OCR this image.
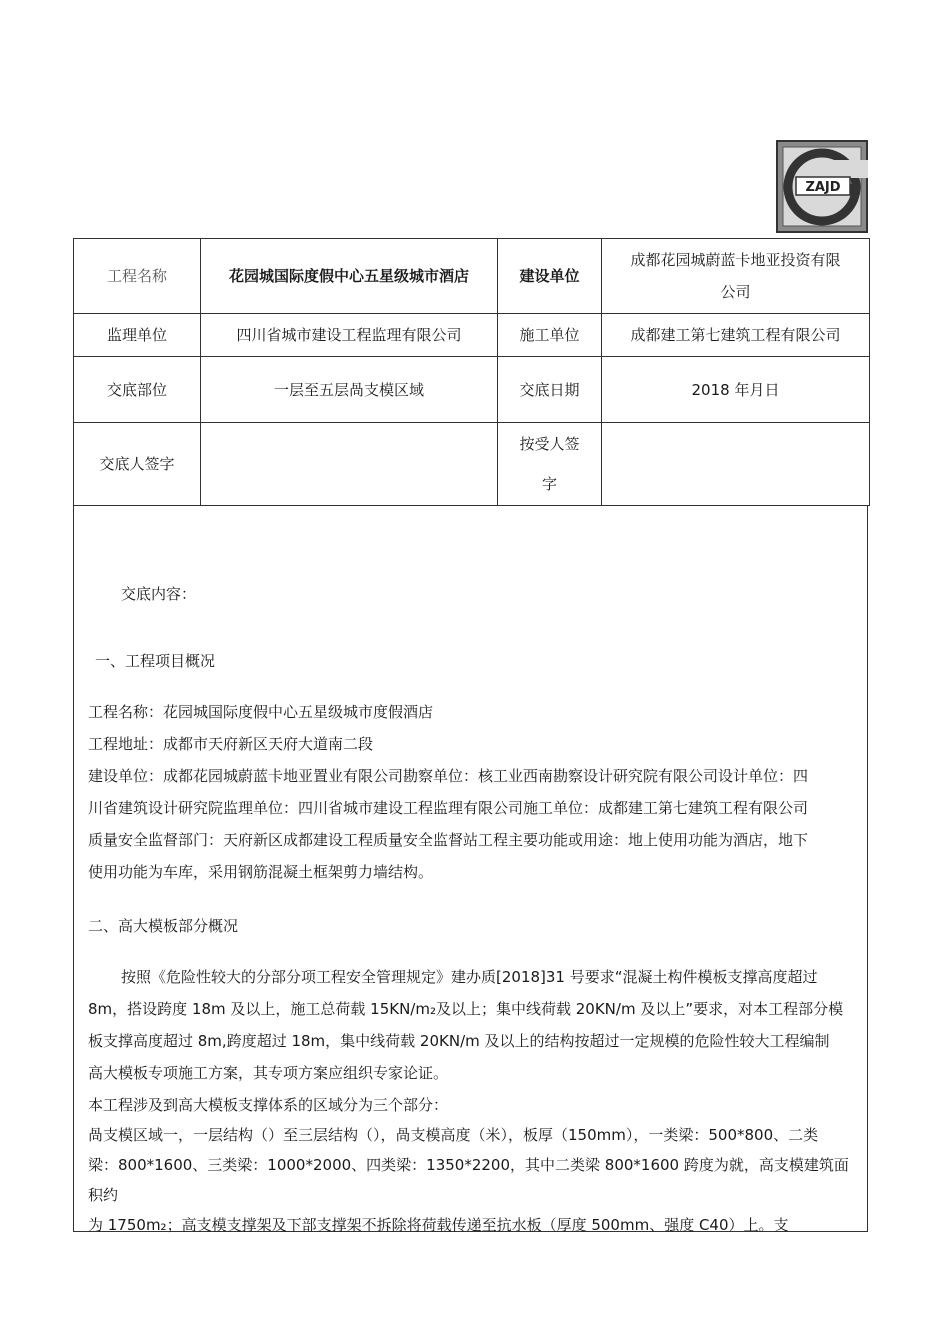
ZAJD
工程名称	花园城国际度假中心五星级城市酒店	建设单位	成都花园城蔚蓝卡地亚投资有限
公司

监理单位	四川省城市建设工程监理有限公司	施工单位	成都建工第七建筑工程有限公司
交底部位	一层至五层咼支模区域	交底日期	2018 年月日
交底人签字		按受人签
字	

交底内容：
一、工程项目概况

工程名称：花园城国际度假中心五星级城市度假酒店

工程地址：成都市天府新区天府大道南二段

建设单位：成都花园城蔚蓝卡地亚置业有限公司勘察单位：核工业西南勘察设计研究院有限公司设计单位：四

川省建筑设计研究院监理单位：四川省城市建设工程监理有限公司施工单位：成都建工第七建筑工程有限公司

质量安全监督部门：天府新区成都建设工程质量安全监督站工程主要功能或用途：地上使用功能为酒店，地下

使用功能为车库，采用钢筋混凝土框架剪力墙结构。

二、高大模板部分概况

按照《危险性较大的分部分项工程安全管理规定》建办质[2018]31 号要求“混凝土构件模板支撑高度超过

8m，搭设跨度 18m 及以上，施工总荷载 15KN/m₂及以上；集中线荷载 20KN/m 及以上”要求，对本工程部分模

板支撑高度超过 8m,跨度超过 18m，集中线荷载 20KN/m 及以上的结构按超过一定规模的危险性较大工程编制

高大模板专项施工方案，其专项方案应组织专家论证。

本工程涉及到高大模板支撑体系的区域分为三个部分：

咼支模区域一，一层结构（）至三层结构（），咼支模高度（米），板厚（150mm），一类梁：500*800、二类

梁：800*1600、三类梁：1000*2000、四类梁：1350*2200，其中二类梁 800*1600 跨度为就，高支模建筑面积约

为 1750m₂；高支模支撑架及下部支撑架不拆除将荷载传递至抗水板（厚度 500mm、强度 C40）上。支
